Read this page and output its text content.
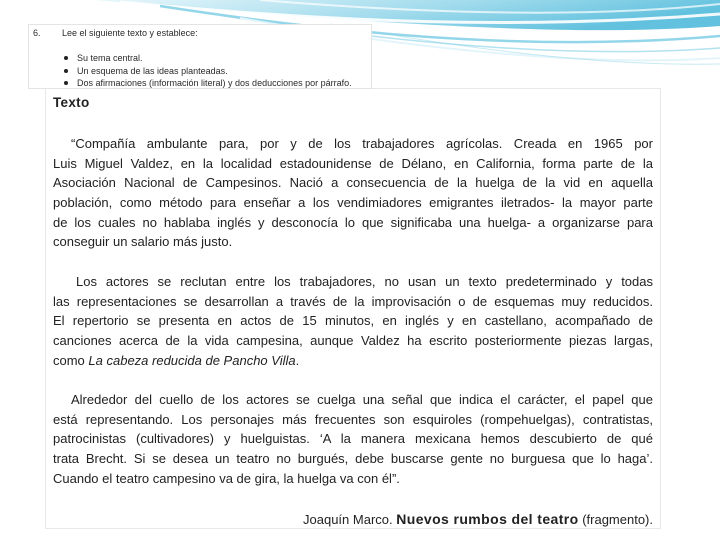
6. Lee el siguiente texto y establece:
Su tema central.
Un esquema de las ideas planteadas.
Dos afirmaciones (información literal) y dos deducciones por párrafo.
Texto
“Compañía ambulante para, por y de los trabajadores agrícolas. Creada en 1965 por
Luis Miguel Valdez, en la localidad estadounidense de Délano, en California, forma parte de la
Asociación Nacional de Campesinos. Nació a consecuencia de la huelga de la vid en aquella
población, como método para enseñar a los vendimiadores emigrantes iletrados- la mayor parte
de los cuales no hablaba inglés y desconocía lo que significaba una huelga- a organizarse para
conseguir un salario más justo.
Los actores se reclutan entre los trabajadores, no usan un texto predeterminado y todas
las representaciones se desarrollan a través de la improvisación o de esquemas muy reducidos.
El repertorio se presenta en actos de 15 minutos, en inglés y en castellano, acompañado de
canciones acerca de la vida campesina, aunque Valdez ha escrito posteriormente piezas largas,
como La cabeza reducida de Pancho Villa.
Alrededor del cuello de los actores se cuelga una señal que indica el carácter, el papel que
está representando. Los personajes más frecuentes son esquiroles (rompehuelgas), contratistas,
patrocinistas (cultivadores) y huelguistas. ‘A la manera mexicana hemos descubierto de qué
trata Brecht. Si se desea un teatro no burgués, debe buscarse gente no burguesa que lo haga’.
Cuando el teatro campesino va de gira, la huelga va con él”.
Joaquín Marco. Nuevos rumbos del teatro (fragmento).
